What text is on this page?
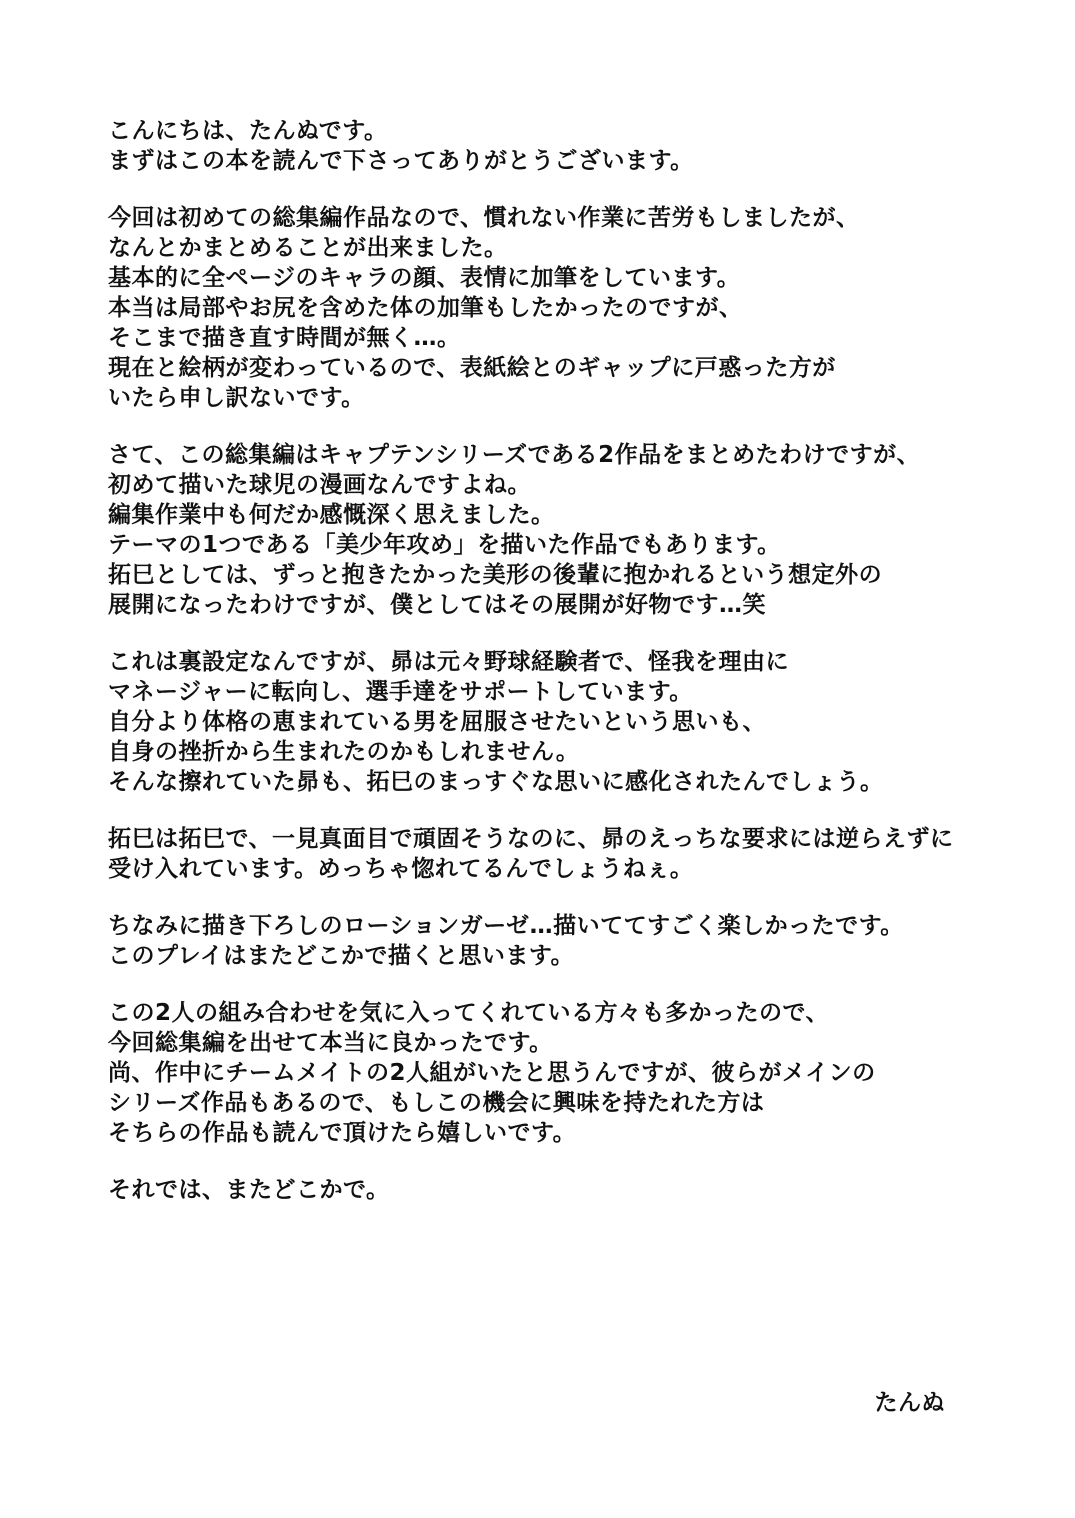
こんにちは、たんぬです。
まずはこの本を読んで下さってありがとうございます。
今回は初めての総集編作品なので、慣れない作業に苦労もしましたが、
なんとかまとめることが出来ました。
基本的に全ページのキャラの顔、表情に加筆をしています。
本当は局部やお尻を含めた体の加筆もしたかったのですが、
そこまで描き直す時間が無く…。
現在と絵柄が変わっているので、表紙絵とのギャップに戸惑った方が
いたら申し訳ないです。
さて、この総集編はキャプテンシリーズである2作品をまとめたわけですが、
初めて描いた球児の漫画なんですよね。
編集作業中も何だか感慨深く思えました。
テーマの1つである「美少年攻め」を描いた作品でもあります。
拓巳としては、ずっと抱きたかった美形の後輩に抱かれるという想定外の
展開になったわけですが、僕としてはその展開が好物です…笑
これは裏設定なんですが、昴は元々野球経験者で、怪我を理由に
マネージャーに転向し、選手達をサポートしています。
自分より体格の恵まれている男を屈服させたいという思いも、
自身の挫折から生まれたのかもしれません。
そんな擦れていた昴も、拓巳のまっすぐな思いに感化されたんでしょう。
拓巳は拓巳で、一見真面目で頑固そうなのに、昴のえっちな要求には逆らえずに
受け入れています。めっちゃ惚れてるんでしょうねぇ。
ちなみに描き下ろしのローションガーゼ…描いててすごく楽しかったです。
このプレイはまたどこかで描くと思います。
この2人の組み合わせを気に入ってくれている方々も多かったので、
今回総集編を出せて本当に良かったです。
尚、作中にチームメイトの2人組がいたと思うんですが、彼らがメインの
シリーズ作品もあるので、もしこの機会に興味を持たれた方は
そちらの作品も読んで頂けたら嬉しいです。
それでは、またどこかで。
たんぬ
